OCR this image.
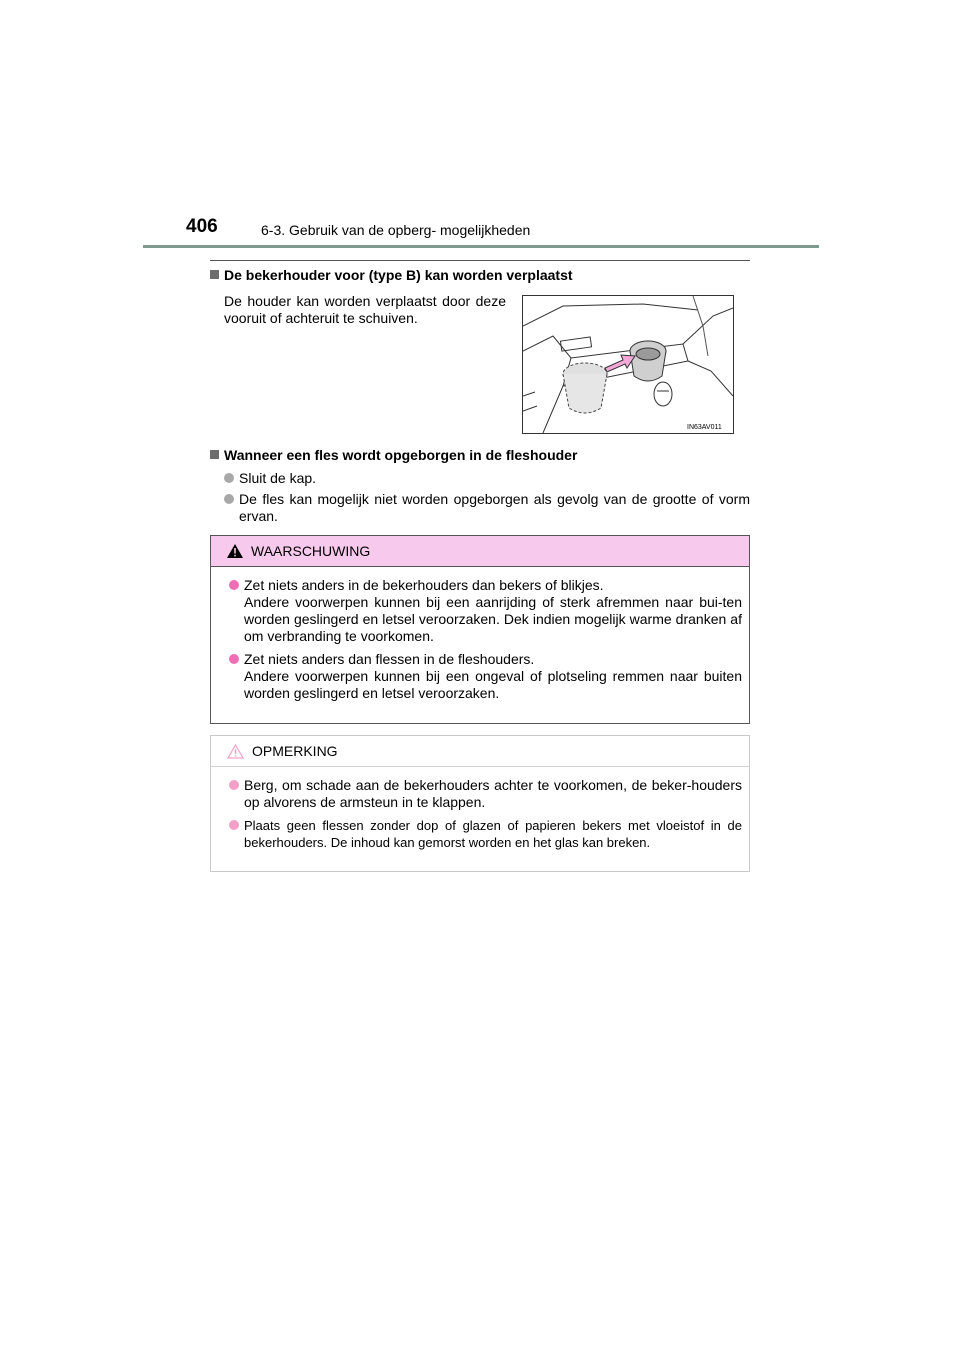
406	6-3. Gebruik van de opberg- mogelijkheden
De bekerhouder voor (type B) kan worden verplaatst
De houder kan worden verplaatst door deze vooruit of achteruit te schuiven.
IN63AV011
Wanneer een fles wordt opgeborgen in de fleshouder
Sluit de kap.
De fles kan mogelijk niet worden opgeborgen als gevolg van de grootte of vorm ervan.
WAARSCHUWING
Zet niets anders in de bekerhouders dan bekers of blikjes.
Andere voorwerpen kunnen bij een aanrijding of sterk afremmen naar bui-ten worden geslingerd en letsel veroorzaken. Dek indien mogelijk warme dranken af om verbranding te voorkomen.
Zet niets anders dan flessen in de fleshouders.
Andere voorwerpen kunnen bij een ongeval of plotseling remmen naar buiten worden geslingerd en letsel veroorzaken.
OPMERKING
Berg, om schade aan de bekerhouders achter te voorkomen, de beker-houders op alvorens de armsteun in te klappen.
Plaats geen flessen zonder dop of glazen of papieren bekers met vloeistof in de bekerhouders. De inhoud kan gemorst worden en het glas kan breken.
